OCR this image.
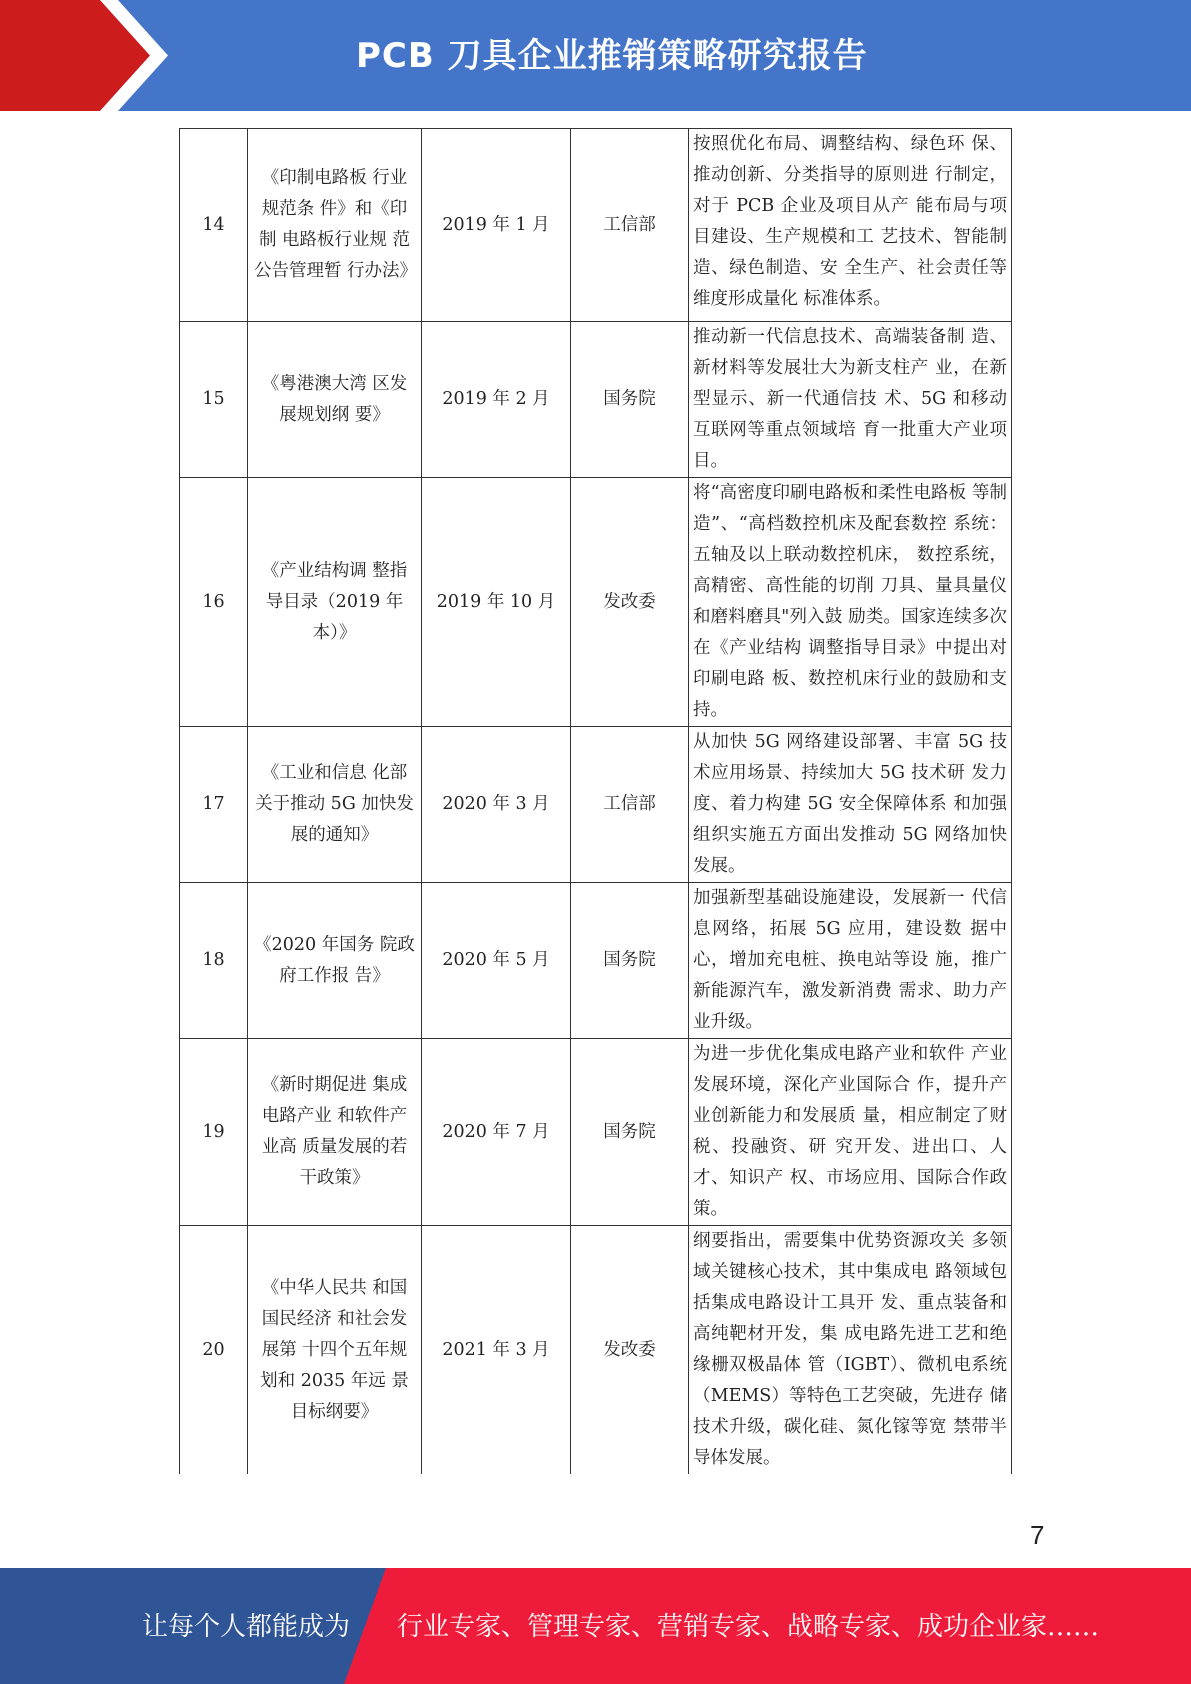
PCB 刀具企业推销策略研究报告
14	《印制电路板 行业规范条 件》和《印制 电路板行业规 范公告管理暂 行办法》	2019 年 1 月	工信部	按照优化布局、调整结构、绿色环 保、推动创新、分类指导的原则进 行制定，对于 PCB 企业及项目从产 能布局与项目建设、生产规模和工 艺技术、智能制造、绿色制造、安 全生产、社会责任等维度形成量化 标准体系。
15	《粤港澳大湾 区发展规划纲 要》	2019 年 2 月	国务院	推动新一代信息技术、高端装备制 造、新材料等发展壮大为新支柱产 业，在新型显示、新一代通信技 术、5G 和移动互联网等重点领域培 育一批重大产业项目。
16	《产业结构调 整指导目录（2019 年本）》	2019 年 10 月	发改委	将“高密度印刷电路板和柔性电路板 等制造”、“高档数控机床及配套数控 系统：五轴及以上联动数控机床， 数控系统，高精密、高性能的切削 刀具、量具量仪和磨料磨具"列入鼓 励类。国家连续多次在《产业结构 调整指导目录》中提出对印刷电路 板、数控机床行业的鼓励和支持。
17	《工业和信息 化部关于推动 5G 加快发展的通知》	2020 年 3 月	工信部	从加快 5G 网络建设部署、丰富 5G 技术应用场景、持续加大 5G 技术研 发力度、着力构建 5G 安全保障体系 和加强组织实施五方面出发推动 5G 网络加快发展。
18	《2020 年国务 院政府工作报 告》	2020 年 5 月	国务院	加强新型基础设施建设，发展新一 代信息网络，拓展 5G 应用，建设数 据中心，增加充电桩、换电站等设 施，推广新能源汽车，激发新消费 需求、助力产业升级。
19	《新时期促进 集成电路产业 和软件产业高 质量发展的若 干政策》	2020 年 7 月	国务院	为进一步优化集成电路产业和软件 产业发展环境，深化产业国际合 作，提升产业创新能力和发展质 量，相应制定了财税、投融资、研 究开发、进出口、人才、知识产 权、市场应用、国际合作政策。
20	《中华人民共 和国国民经济 和社会发展第 十四个五年规 划和 2035 年远 景目标纲要》	2021 年 3 月	发改委	纲要指出，需要集中优势资源攻关 多领域关键核心技术，其中集成电 路领域包括集成电路设计工具开 发、重点装备和高纯靶材开发，集 成电路先进工艺和绝缘栅双极晶体 管（IGBT）、微机电系统（MEMS）等特色工艺突破，先进存 储技术升级，碳化硅、氮化镓等宽 禁带半导体发展。
7
让每个人都能成为 行业专家、管理专家、营销专家、战略专家、成功企业家……
